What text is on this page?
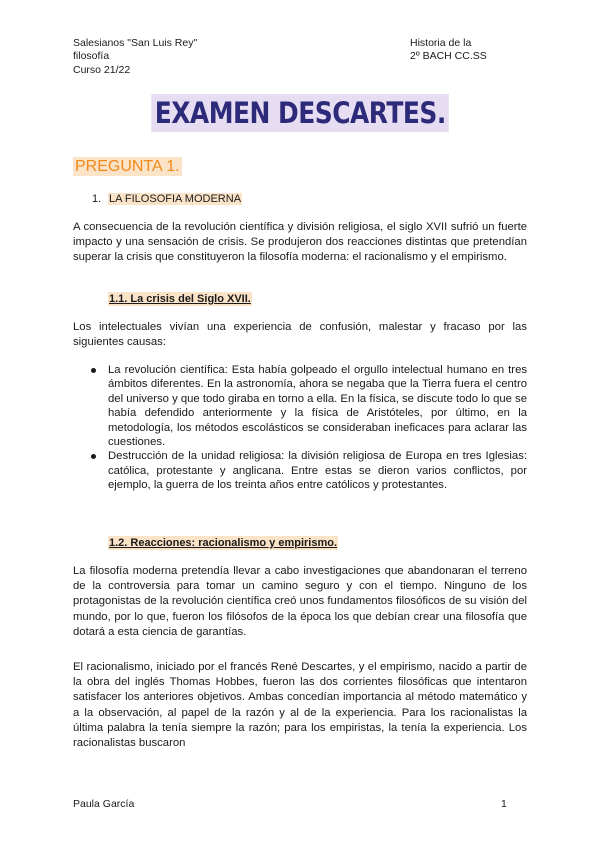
Salesianos "San Luis Rey"
filosofía
Curso 21/22
Historia de la
2º BACH CC.SS
EXAMEN DESCARTES.
PREGUNTA 1.
1. LA FILOSOFIA MODERNA
A consecuencia de la revolución científica y división religiosa, el siglo XVII sufrió un fuerte impacto y una sensación de crisis. Se produjeron dos reacciones distintas que pretendían superar la crisis que constituyeron la filosofía moderna: el racionalismo y el empirismo.
1.1. La crisis del Siglo XVII.
Los intelectuales vivían una experiencia de confusión, malestar y fracaso por las siguientes causas:
La revolución científica: Esta había golpeado el orgullo intelectual humano en tres ámbitos diferentes. En la astronomía, ahora se negaba que la Tierra fuera el centro del universo y que todo giraba en torno a ella. En la física, se discute todo lo que se había defendido anteriormente y la física de Aristóteles, por último, en la metodología, los métodos escolásticos se consideraban ineficaces para aclarar las cuestiones.
Destrucción de la unidad religiosa: la división religiosa de Europa en tres Iglesias: católica, protestante y anglicana. Entre estas se dieron varios conflictos, por ejemplo, la guerra de los treinta años entre católicos y protestantes.
1.2. Reacciones: racionalismo y empirismo.
La filosofía moderna pretendía llevar a cabo investigaciones que abandonaran el terreno de la controversia para tomar un camino seguro y con el tiempo. Ninguno de los protagonistas de la revolución científica creó unos fundamentos filosóficos de su visión del mundo, por lo que, fueron los filósofos de la época los que debían crear una filosofía que dotará a esta ciencia de garantías.
El racionalismo, iniciado por el francés René Descartes, y el empirismo, nacido a partir de la obra del inglés Thomas Hobbes, fueron las dos corrientes filosóficas que intentaron satisfacer los anteriores objetivos. Ambas concedían importancia al método matemático y a la observación, al papel de la razón y al de la experiencia. Para los racionalistas la última palabra la tenía siempre la razón; para los empiristas, la tenía la experiencia. Los racionalistas buscaron
Paula García	1
